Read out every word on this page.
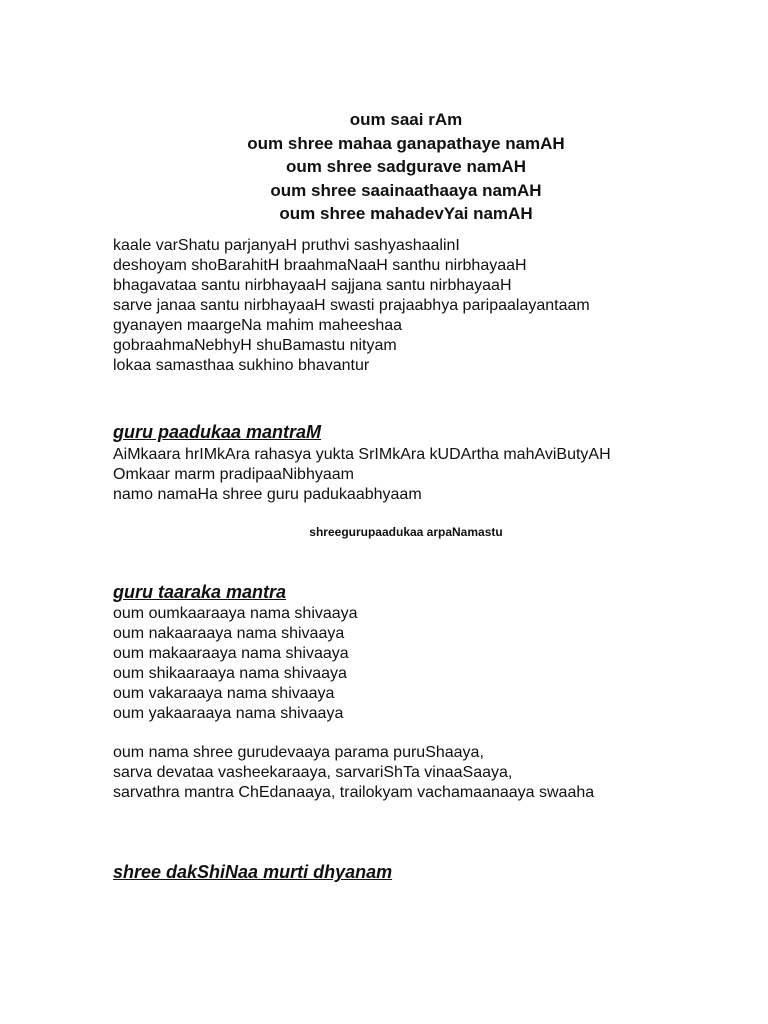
oum saai rAm
oum shree mahaa ganapathaye namAH
oum shree sadgurave namAH
oum shree saainaathaaya namAH
oum shree mahadevYai namAH
kaale varShatu parjanyaH pruthvi sashyashaalinI
deshoyam shoBarahitH braahmaNaaH santhu nirbhayaaH
bhagavataa santu nirbhayaaH sajjana santu nirbhayaaH
sarve janaa santu nirbhayaaH swasti prajaabhya paripaalayantaam
gyanayen maargeNa mahim maheeshaa
gobraahmaNebhyH shuBamastu nityam
lokaa samasthaa sukhino bhavantur
guru paadukaa mantraM
AiMkaara hrIMkAra rahasya yukta SrIMkAra kUDArtha mahAviButyAH
Omkaar marm pradipaaNibhyaam
namo namaHa shree guru padukaabhyaam
shreegurupaadukaa arpaNamastu
guru taaraka mantra
oum oumkaaraaya nama shivaaya
oum nakaaraaya nama shivaaya
oum makaaraaya nama shivaaya
oum shikaaraaya nama shivaaya
oum vakaraaya nama shivaaya
oum yakaaraaya nama shivaaya
oum nama shree gurudevaaya parama puruShaaya,
sarva devataa vasheekaraaya, sarvariShTa vinaaSaaya,
sarvathra mantra ChEdanaaya, trailokyam vachamaanaaya swaaha
shree dakShiNaa murti dhyanam
